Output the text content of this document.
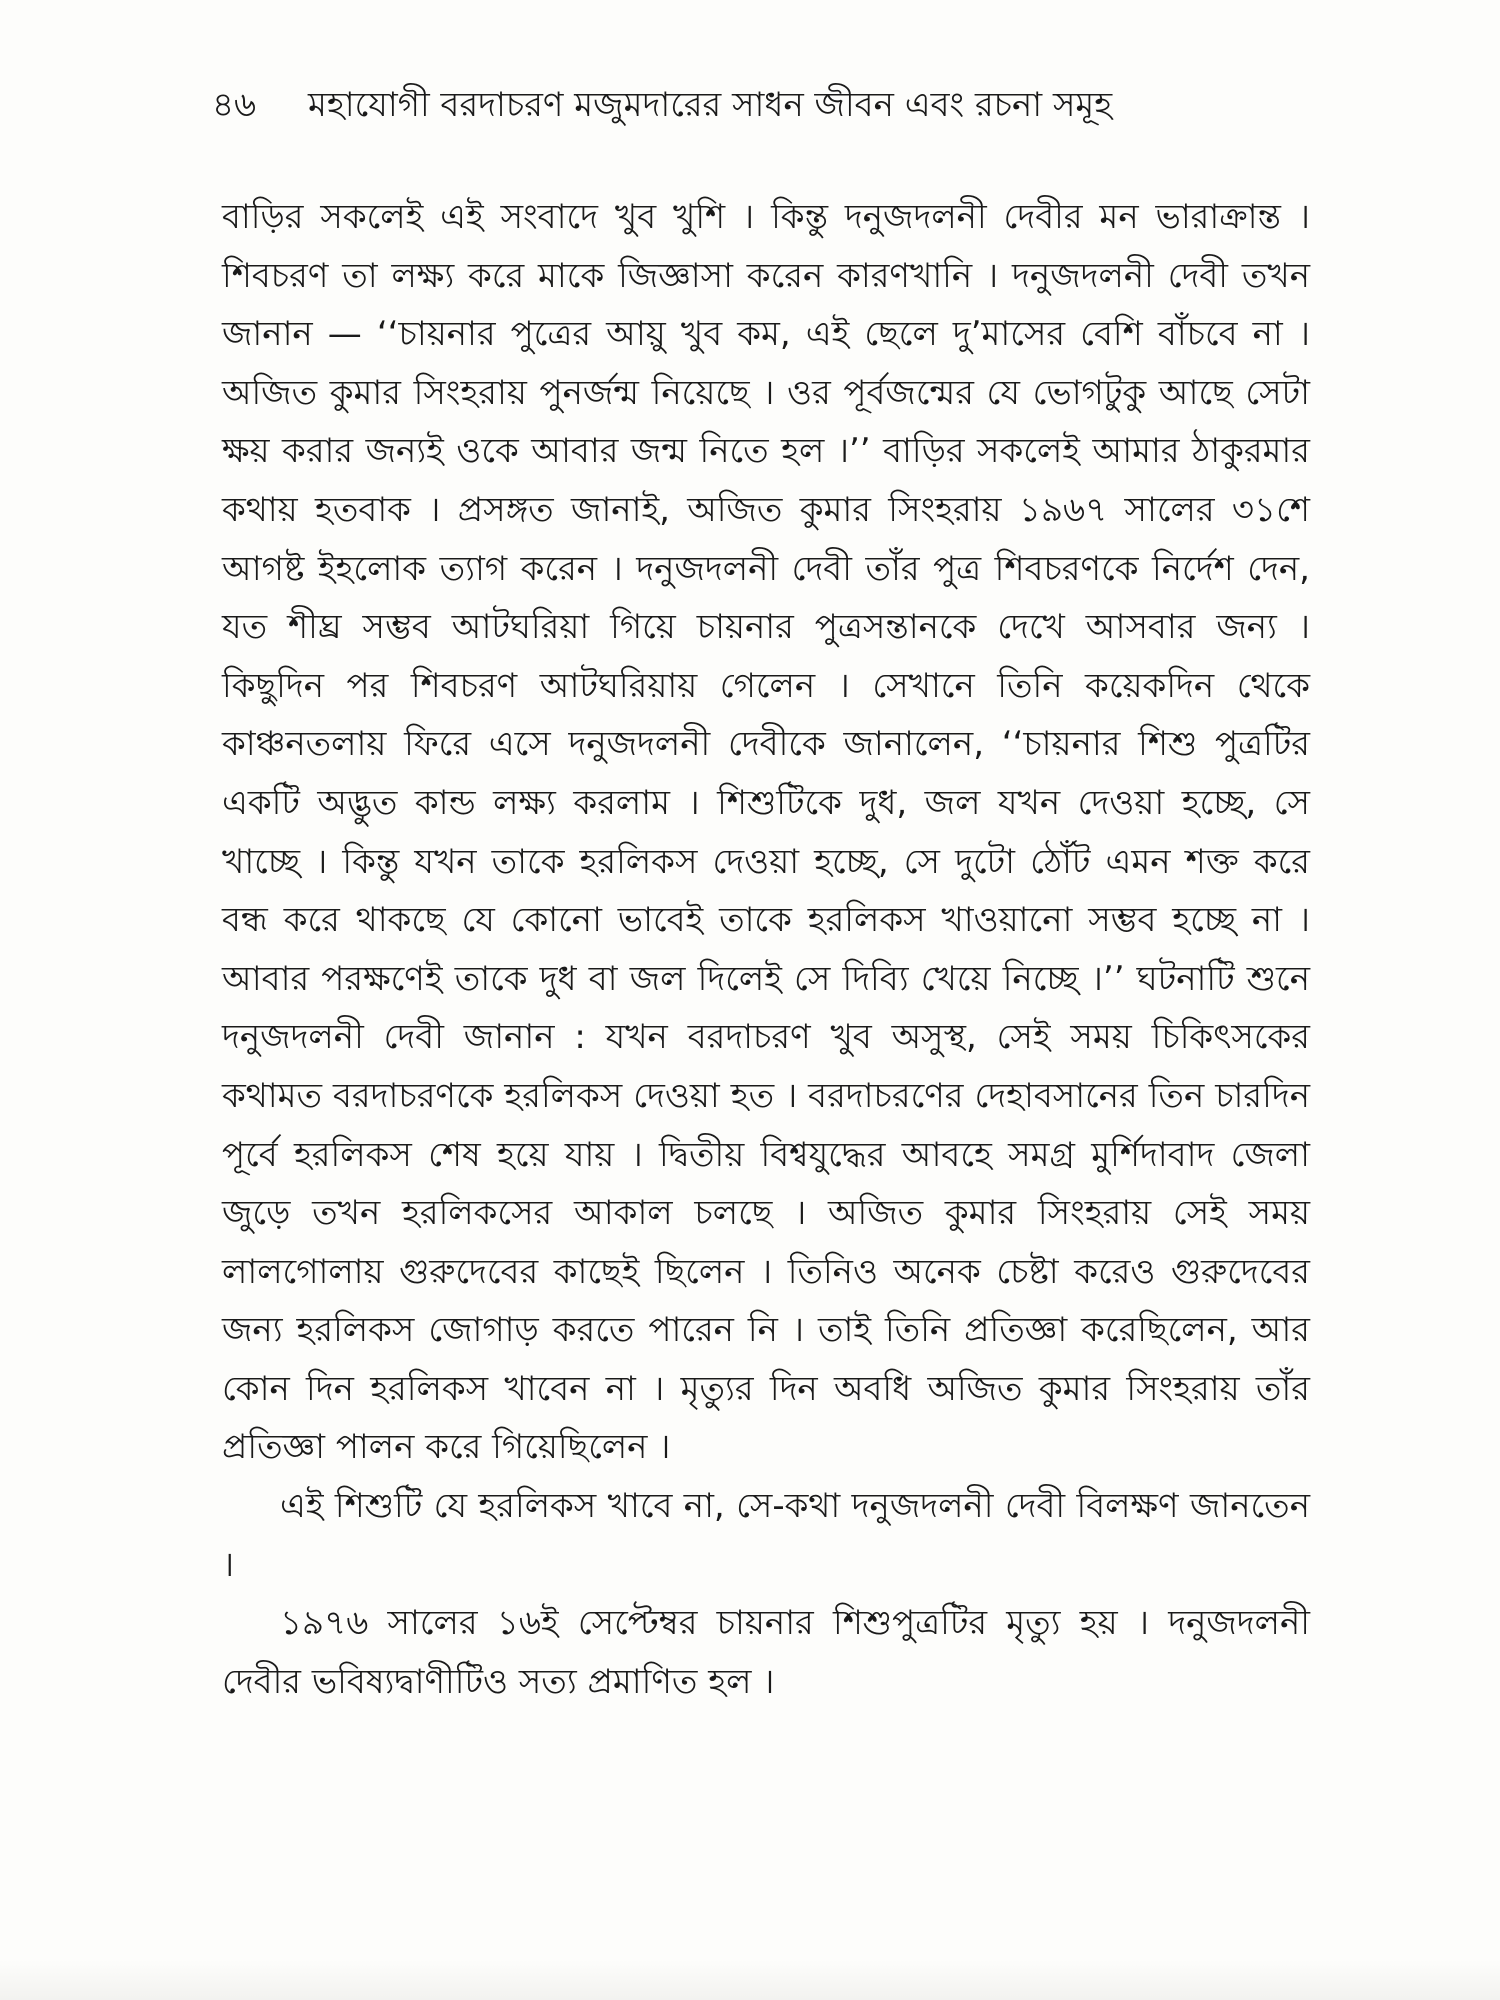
৪৬	মহাযোগী বরদাচরণ মজুমদারের সাধন জীবন এবং রচনা সমূহ

বাড়ির সকলেই এই সংবাদে খুব খুশি । কিন্তু দনুজদলনী দেবীর মন ভারাক্রান্ত । শিবচরণ তা লক্ষ্য করে মাকে জিজ্ঞাসা করেন কারণখানি । দনুজদলনী দেবী তখন জানান — ‘‘চায়নার পুত্রের আয়ু খুব কম, এই ছেলে দু’মাসের বেশি বাঁচবে না । অজিত কুমার সিংহরায় পুনর্জন্ম নিয়েছে । ওর পূর্বজন্মের যে ভোগটুকু আছে সেটা ক্ষয় করার জন্যই ওকে আবার জন্ম নিতে হল ।’’ বাড়ির সকলেই আমার ঠাকুরমার কথায় হতবাক । প্রসঙ্গত জানাই, অজিত কুমার সিংহরায় ১৯৬৭ সালের ৩১শে আগষ্ট ইহলোক ত্যাগ করেন । দনুজদলনী দেবী তাঁর পুত্র শিবচরণকে নির্দেশ দেন, যত শীঘ্র সম্ভব আটঘরিয়া গিয়ে চায়নার পুত্রসন্তানকে দেখে আসবার জন্য । কিছুদিন পর শিবচরণ আটঘরিয়ায় গেলেন । সেখানে তিনি কয়েকদিন থেকে কাঞ্চনতলায় ফিরে এসে দনুজদলনী দেবীকে জানালেন, ‘‘চায়নার শিশু পুত্রটির একটি অদ্ভুত কান্ড লক্ষ্য করলাম । শিশুটিকে দুধ, জল যখন দেওয়া হচ্ছে, সে খাচ্ছে । কিন্তু যখন তাকে হরলিকস দেওয়া হচ্ছে, সে দুটো ঠোঁট এমন শক্ত করে বন্ধ করে থাকছে যে কোনো ভাবেই তাকে হরলিকস খাওয়ানো সম্ভব হচ্ছে না । আবার পরক্ষণেই তাকে দুধ বা জল দিলেই সে দিব্যি খেয়ে নিচ্ছে ।’’ ঘটনাটি শুনে দনুজদলনী দেবী জানান : যখন বরদাচরণ খুব অসুস্থ, সেই সময় চিকিৎসকের কথামত বরদাচরণকে হরলিকস দেওয়া হত । বরদাচরণের দেহাবসানের তিন চারদিন পূর্বে হরলিকস শেষ হয়ে যায় । দ্বিতীয় বিশ্বযুদ্ধের আবহে সমগ্র মুর্শিদাবাদ জেলা জুড়ে তখন হরলিকসের আকাল চলছে । অজিত কুমার সিংহরায় সেই সময় লালগোলায় গুরুদেবের কাছেই ছিলেন । তিনিও অনেক চেষ্টা করেও গুরুদেবের জন্য হরলিকস জোগাড় করতে পারেন নি । তাই তিনি প্রতিজ্ঞা করেছিলেন, আর কোন দিন হরলিকস খাবেন না । মৃত্যুর দিন অবধি অজিত কুমার সিংহরায় তাঁর প্রতিজ্ঞা পালন করে গিয়েছিলেন ।

এই শিশুটি যে হরলিকস খাবে না, সে-কথা দনুজদলনী দেবী বিলক্ষণ জানতেন ।

১৯৭৬ সালের ১৬ই সেপ্টেম্বর চায়নার শিশুপুত্রটির মৃত্যু হয় । দনুজদলনী দেবীর ভবিষ্যদ্বাণীটিও সত্য প্রমাণিত হল ।
